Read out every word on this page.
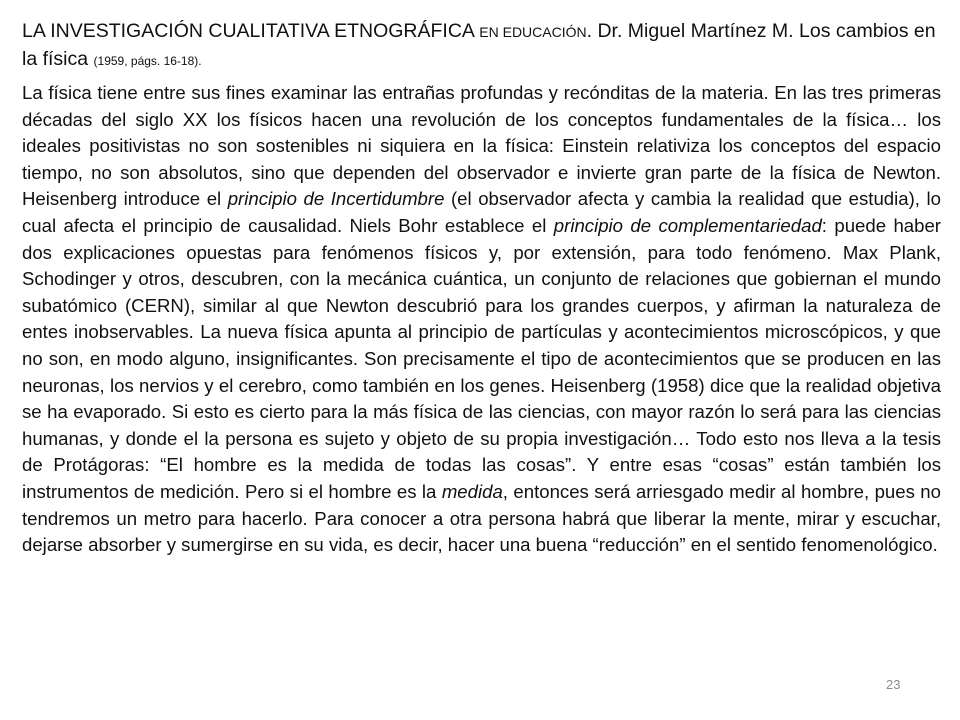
LA INVESTIGACIÓN CUALITATIVA ETNOGRÁFICA EN EDUCACIÓN. Dr. Miguel Martínez M. Los cambios en la física (1959, págs. 16-18).
La física tiene entre sus fines examinar las entrañas profundas y recónditas de la materia. En las tres primeras décadas del siglo XX los físicos hacen una revolución de los conceptos fundamentales de la física… los ideales positivistas no son sostenibles ni siquiera en la física: Einstein relativiza los conceptos del espacio tiempo, no son absolutos, sino que dependen del observador e invierte gran parte de la física de Newton. Heisenberg introduce el principio de Incertidumbre (el observador afecta y cambia la realidad que estudia), lo cual afecta el principio de causalidad. Niels Bohr establece el principio de complementariedad: puede haber dos explicaciones opuestas para fenómenos físicos y, por extensión, para todo fenómeno. Max Plank, Schodinger y otros, descubren, con la mecánica cuántica, un conjunto de relaciones que gobiernan el mundo subatómico (CERN), similar al que Newton descubrió para los grandes cuerpos, y afirman la naturaleza de entes inobservables. La nueva física apunta al principio de partículas y acontecimientos microscópicos, y que no son, en modo alguno, insignificantes. Son precisamente el tipo de acontecimientos que se producen en las neuronas, los nervios y el cerebro, como también en los genes. Heisenberg (1958) dice que la realidad objetiva se ha evaporado. Si esto es cierto para la más física de las ciencias, con mayor razón lo será para las ciencias humanas, y donde el la persona es sujeto y objeto de su propia investigación… Todo esto nos lleva a la tesis de Protágoras: “El hombre es la medida de todas las cosas”. Y entre esas “cosas” están también los instrumentos de medición. Pero si el hombre es la medida, entonces será arriesgado medir al hombre, pues no tendremos un metro para hacerlo. Para conocer a otra persona habrá que liberar la mente, mirar y escuchar, dejarse absorber y sumergirse en su vida, es decir, hacer una buena “reducción” en el sentido fenomenológico.
23
